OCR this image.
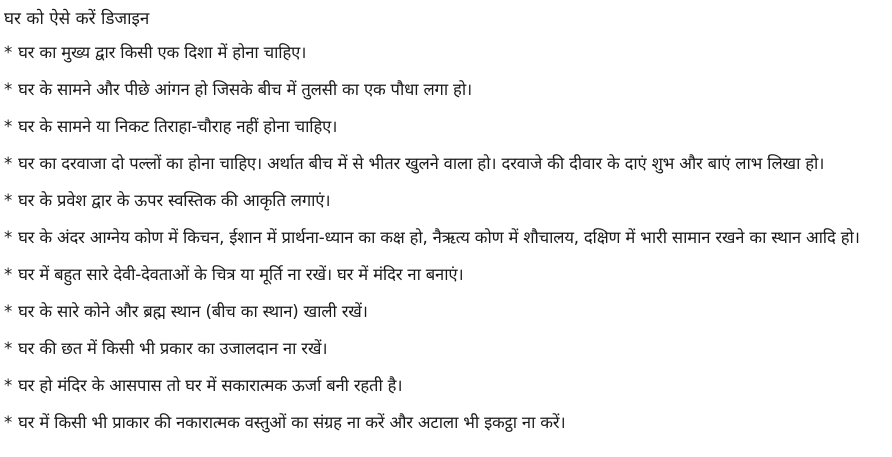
घर को ऐसे करें डिजाइन
* घर का मुख्य द्वार किसी एक दिशा में होना चाहिए।
* घर के सामने और पीछे आंगन हो जिसके बीच में तुलसी का एक पौधा लगा हो।
* घर के सामने या निकट तिराहा-चौराह नहीं होना चाहिए।
* घर का दरवाजा दो पल्लों का होना चाहिए। अर्थात बीच में से भीतर खुलने वाला हो। दरवाजे की दीवार के दाएं शुभ और बाएं लाभ लिखा हो।
* घर के प्रवेश द्वार के ऊपर स्वस्तिक की आकृति लगाएं।
* घर के अंदर आग्नेय कोण में किचन, ईशान में प्रार्थना-ध्यान का कक्ष हो, नैऋत्य कोण में शौचालय, दक्षिण में भारी सामान रखने का स्थान आदि हो।
* घर में बहुत सारे देवी-देवताओं के चित्र या मूर्ति ना रखें। घर में मंदिर ना बनाएं।
* घर के सारे कोने और ब्रह्म स्थान (बीच का स्थान) खाली रखें।
* घर की छत में किसी भी प्रकार का उजालदान ना रखें।
* घर हो मंदिर के आसपास तो घर में सकारात्मक ऊर्जा बनी रहती है।
* घर में किसी भी प्राकार की नकारात्मक वस्तुओं का संग्रह ना करें और अटाला भी इकट्ठा ना करें।
